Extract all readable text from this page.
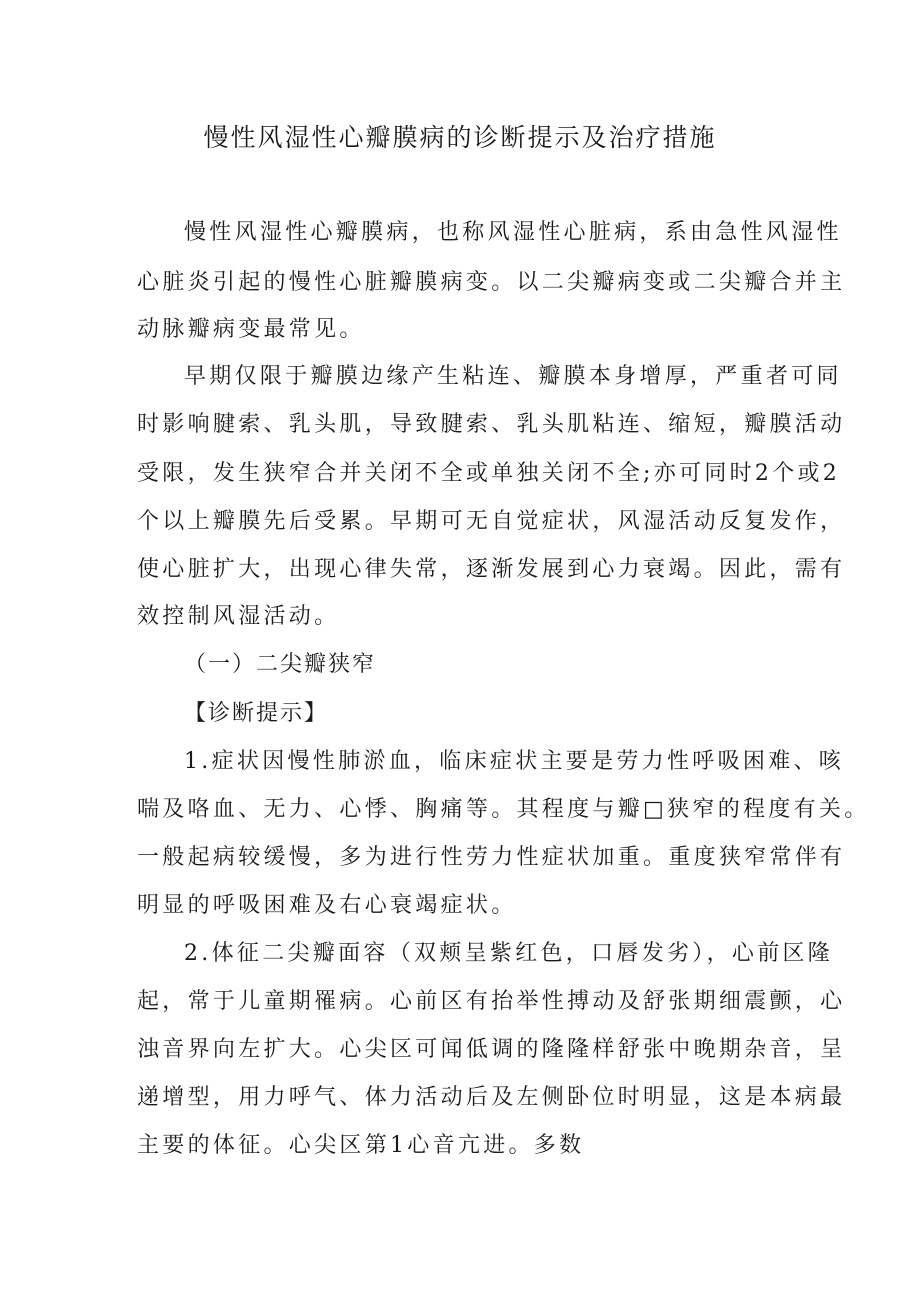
慢性风湿性心瓣膜病的诊断提示及治疗措施
慢性风湿性心瓣膜病，也称风湿性心脏病，系由急性风湿性
心脏炎引起的慢性心脏瓣膜病变。以二尖瓣病变或二尖瓣合并主
动脉瓣病变最常见。
早期仅限于瓣膜边缘产生粘连、瓣膜本身增厚，严重者可同
时影响腱索、乳头肌，导致腱索、乳头肌粘连、缩短，瓣膜活动
受限，发生狭窄合并关闭不全或单独关闭不全;亦可同时2个或2
个以上瓣膜先后受累。早期可无自觉症状，风湿活动反复发作，
使心脏扩大，出现心律失常，逐渐发展到心力衰竭。因此，需有
效控制风湿活动。
（一）二尖瓣狭窄
【诊断提示】
1.症状因慢性肺淤血，临床症状主要是劳力性呼吸困难、咳
喘及咯血、无力、心悸、胸痛等。其程度与瓣□狭窄的程度有关。
一般起病较缓慢，多为进行性劳力性症状加重。重度狭窄常伴有
明显的呼吸困难及右心衰竭症状。
2.体征二尖瓣面容（双颊呈紫红色，口唇发劣），心前区隆
起，常于儿童期罹病。心前区有抬举性搏动及舒张期细震颤，心
浊音界向左扩大。心尖区可闻低调的隆隆样舒张中晚期杂音，呈
递增型，用力呼气、体力活动后及左侧卧位时明显，这是本病最
主要的体征。心尖区第1心音亢进。多数
